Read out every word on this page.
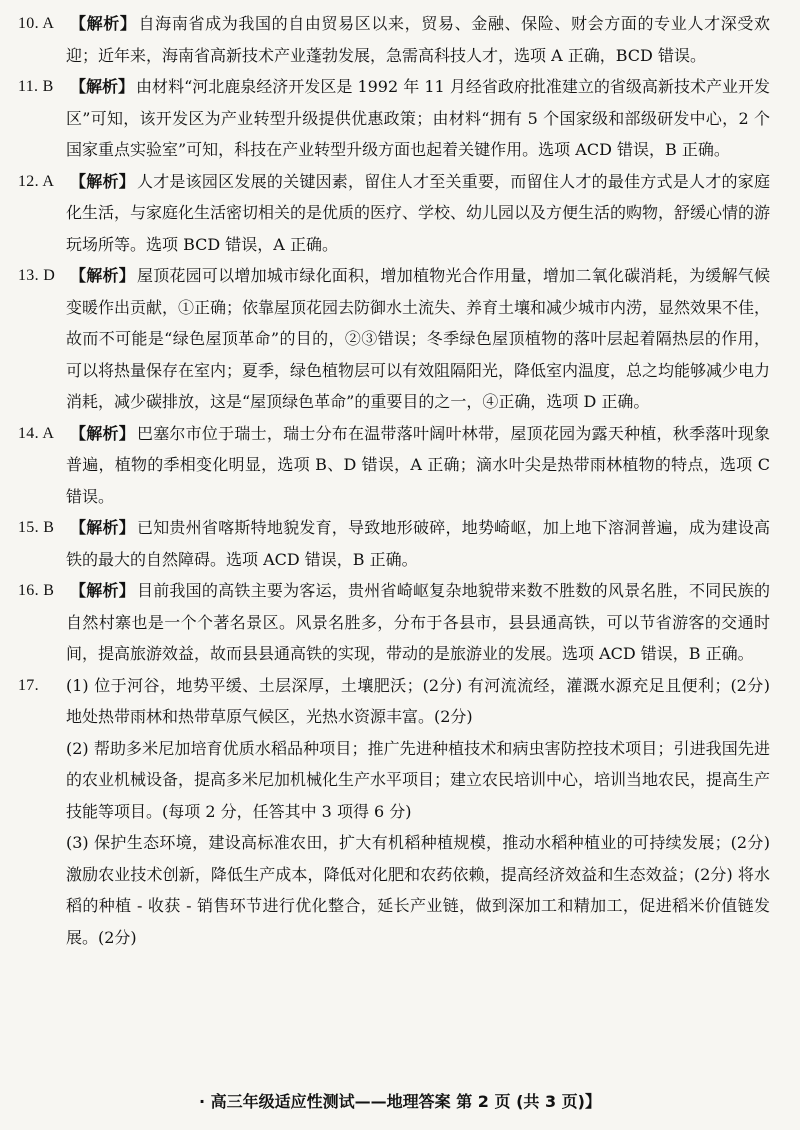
10. A 【解析】 自海南省成为我国的自由贸易区以来，贸易、金融、保险、财会方面的专业人才深受欢迎；近年来，海南省高新技术产业蓬勃发展，急需高科技人才，选项 A 正确，BCD 错误。
11. B	【解析】 由材料“河北鹿泉经济开发区是 1992 年 11 月经省政府批准建立的省级高新技术产业开发区”可知，该开发区为产业转型升级提供优惠政策；由材料“拥有 5 个国家级和部级研发中心，2 个国家重点实验室”可知，科技在产业转型升级方面也起着关键作用。选项 ACD 错误，B 正确。
12. A 【解析】 人才是该园区发展的关键因素，留住人才至关重要，而留住人才的最佳方式是人才的家庭化生活，与家庭化生活密切相关的是优质的医疗、学校、幼儿园以及方便生活的购物，舒缓心情的游玩场所等。选项 BCD 错误，A 正确。
13. D 【解析】 屋顶花园可以增加城市绿化面积，增加植物光合作用量，增加二氧化碳消耗，为缓解气候变暖作出贡献，①正确；依靠屋顶花园去防御水土流失、养育土壤和减少城市内涝，显然效果不佳，故而不可能是“绿色屋顶革命”的目的，②③错误；冬季绿色屋顶植物的落叶层起着隔热层的作用，可以将热量保存在室内；夏季，绿色植物层可以有效阻隔阳光，降低室内温度，总之均能够减少电力消耗，减少碳排放，这是“屋顶绿色革命”的重要目的之一，④正确，选项 D 正确。
14. A 【解析】 巴塞尔市位于瑞士，瑞士分布在温带落叶阔叶林带，屋顶花园为露天种植，秋季落叶现象普遍，植物的季相变化明显，选项 B、D 错误，A 正确；滴水叶尖是热带雨林植物的特点，选项 C 错误。
15. B 【解析】 已知贵州省喀斯特地貌发育，导致地形破碎，地势崎岖，加上地下溶洞普遍，成为建设高铁的最大的自然障碍。选项 ACD 错误，B 正确。
16. B 【解析】 目前我国的高铁主要为客运，贵州省崎岖复杂地貌带来数不胜数的风景名胜，不同民族的自然村寨也是一个个著名景区。风景名胜多，分布于各县市，县县通高铁，可以节省游客的交通时间，提高旅游效益，故而县县通高铁的实现，带动的是旅游业的发展。选项 ACD 错误，B 正确。
17.	(1) 位于河谷，地势平缓、土层深厚，土壤肥沃；(2分) 有河流流经，灌溉水源充足且便利；(2分) 地处热带雨林和热带草原气候区，光热水资源丰富。(2分)
(2) 帮助多米尼加培育优质水稻品种项目；推广先进种植技术和病虫害防控技术项目；引进我国先进的农业机械设备，提高多米尼加机械化生产水平项目；建立农民培训中心，培训当地农民，提高生产技能等项目。(每项 2 分，任答其中 3 项得 6 分)
(3) 保护生态环境，建设高标准农田，扩大有机稻种植规模，推动水稻种植业的可持续发展；(2分) 激励农业技术创新，降低生产成本，降低对化肥和农药依赖，提高经济效益和生态效益；(2分) 将水稻的种植 - 收获 - 销售环节进行优化整合，延长产业链，做到深加工和精加工，促进稻米价值链发展。(2分)
· 高三年级适应性测试——地理答案 第 2 页 (共 3 页)】
